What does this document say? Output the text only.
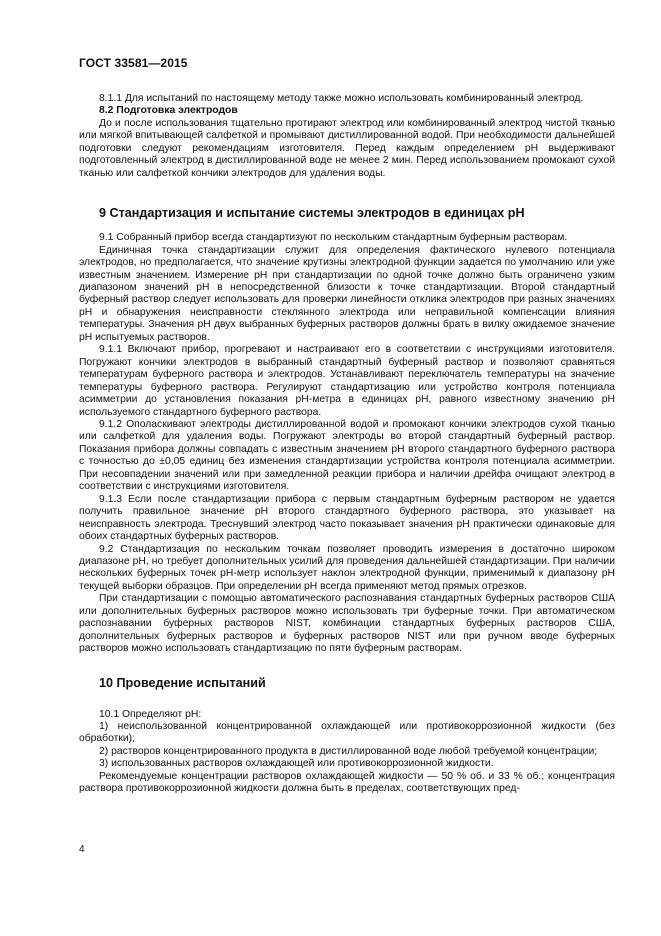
ГОСТ 33581—2015

8.1.1 Для испытаний по настоящему методу также можно использовать комбинированный электрод.

8.2 Подготовка электродов

До и после использования тщательно протирают электрод или комбинированный электрод чистой тканью или мягкой впитывающей салфеткой и промывают дистиллированной водой. При необходимости дальнейшей подготовки следуют рекомендациям изготовителя. Перед каждым определением pH выдерживают подготовленный электрод в дистиллированной воде не менее 2 мин. Перед использованием промокают сухой тканью или салфеткой кончики электродов для удаления воды.

9 Стандартизация и испытание системы электродов в единицах pH

9.1 Собранный прибор всегда стандартизуют по нескольким стандартным буферным растворам.

Единичная точка стандартизации служит для определения фактического нулевого потенциала электродов, но предполагается, что значение крутизны электродной функции задается по умолчанию или уже известным значением. Измерение pH при стандартизации по одной точке должно быть ограничено узким диапазоном значений pH в непосредственной близости к точке стандартизации. Второй стандартный буферный раствор следует использовать для проверки линейности отклика электродов при разных значениях pH и обнаружения неисправности стеклянного электрода или неправильной компенсации влияния температуры. Значения pH двух выбранных буферных растворов должны брать в вилку ожидаемое значение pH испытуемых растворов.

9.1.1 Включают прибор, прогревают и настраивают его в соответствии с инструкциями изготовителя. Погружают кончики электродов в выбранный стандартный буферный раствор и позволяют сравняться температурам буферного раствора и электродов. Устанавливают переключатель температуры на значение температуры буферного раствора. Регулируют стандартизацию или устройство контроля потенциала асимметрии до установления показания pH-метра в единицах pH, равного известному значению pH используемого стандартного буферного раствора.

9.1.2 Ополаскивают электроды дистиллированной водой и промокают кончики электродов сухой тканью или салфеткой для удаления воды. Погружают электроды во второй стандартный буферный раствор. Показания прибора должны совпадать с известным значением pH второго стандартного буферного раствора с точностью до ±0,05 единиц без изменения стандартизации устройства контроля потенциала асимметрии. При несовпадении значений или при замедленной реакции прибора и наличии дрейфа очищают электрод в соответствии с инструкциями изготовителя.

9.1.3 Если после стандартизации прибора с первым стандартным буферным раствором не удается получить правильное значение pH второго стандартного буферного раствора, это указывает на неисправность электрода. Треснувший электрод часто показывает значения pH практически одинаковые для обоих стандартных буферных растворов.

9.2 Стандартизация по нескольким точкам позволяет проводить измерения в достаточно широком диапазоне pH, но требует дополнительных усилий для проведения дальнейшей стандартизации. При наличии нескольких буферных точек pH-метр использует наклон электродной функции, применимый к диапазону pH текущей выборки образцов. При определении pH всегда применяют метод прямых отрезков.

При стандартизации с помощью автоматического распознавания стандартных буферных растворов США или дополнительных буферных растворов можно использовать три буферные точки. При автоматическом распознавании буферных растворов NIST, комбинации стандартных буферных растворов США, дополнительных буферных растворов и буферных растворов NIST или при ручном вводе буферных растворов можно использовать стандартизацию по пяти буферным растворам.

10 Проведение испытаний

10.1 Определяют pH:

1) неиспользованной концентрированной охлаждающей или противокоррозионной жидкости (без обработки);

2) растворов концентрированного продукта в дистиллированной воде любой требуемой концентрации;

3) использованных растворов охлаждающей или противокоррозионной жидкости.

Рекомендуемые концентрации растворов охлаждающей жидкости — 50 % об. и 33 % об.; концентрация раствора противокоррозионной жидкости должна быть в пределах, соответствующих пред-

4
